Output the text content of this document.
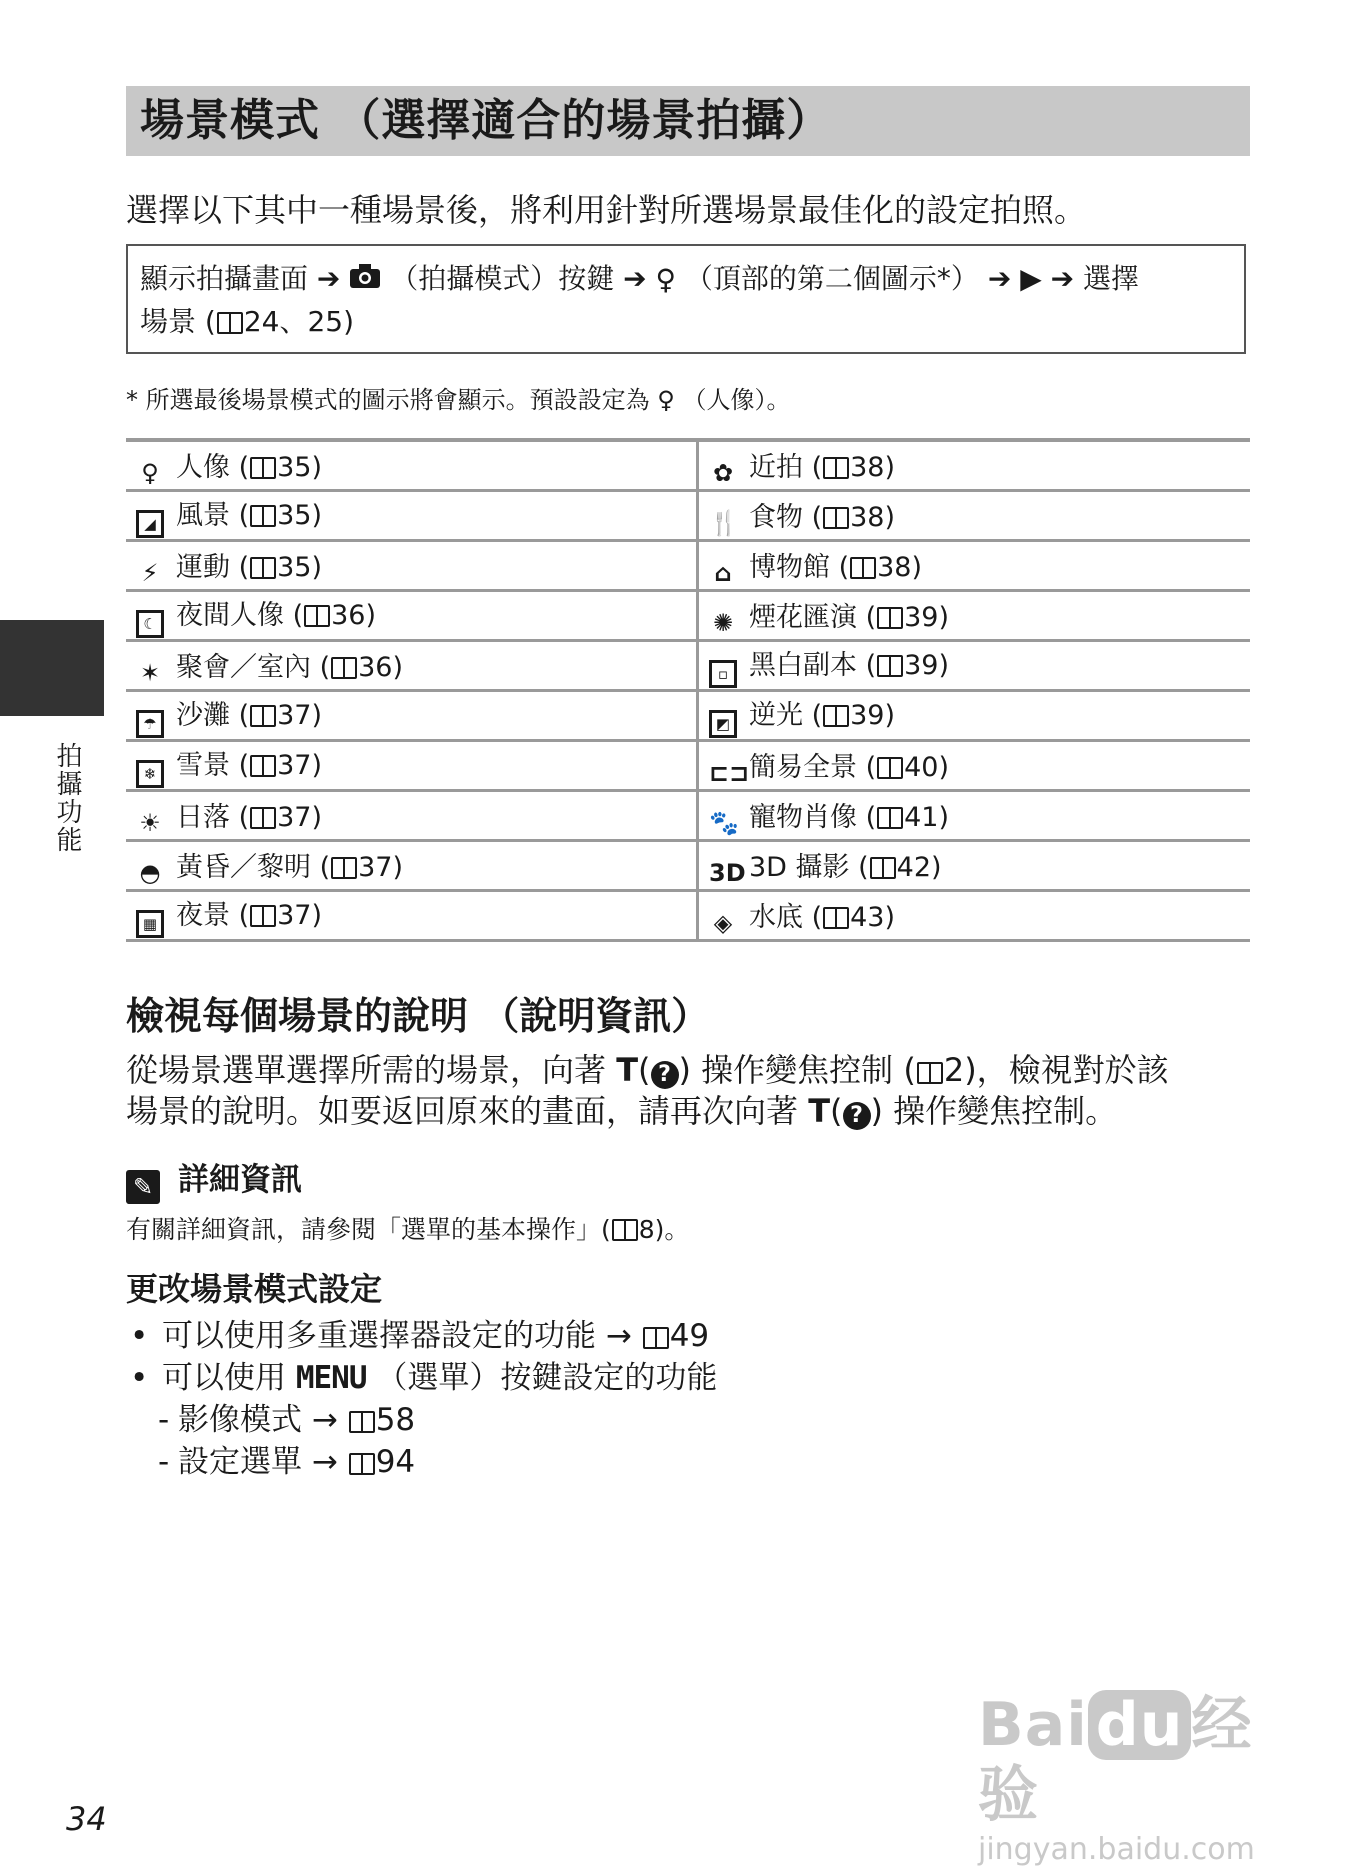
場景模式 （選擇適合的場景拍攝）
選擇以下其中一種場景後，將利用針對所選場景最佳化的設定拍照。
顯示拍攝畫面 ➔ （拍攝模式）按鍵 ➔ ♀ （頂部的第二個圖示*） ➔ ▶ ➔ 選擇
場景 ( 24、25)
* 所選最後場景模式的圖示將會顯示。預設設定為 ♀ （人像）。
♀ 人像 ( 35)	✿ 近拍 ( 38)
◢ 風景 ( 35)	🍴 食物 ( 38)
⚡ 運動 ( 35)	⌂ 博物館 ( 38)
☾ 夜間人像 ( 36)	✺ 煙花匯演 ( 39)
✶ 聚會／室內 ( 36)	▫ 黑白副本 ( 39)
☂ 沙灘 ( 37)	◩ 逆光 ( 39)
❄ 雪景 ( 37)	⊏⊐簡易全景 ( 40)
☀ 日落 ( 37)	🐾 寵物肖像 ( 41)
◓ 黃昏／黎明 ( 37)	3D 3D 攝影 ( 42)
▦ 夜景 ( 37)	◈ 水底 ( 43)
檢視每個場景的說明 （說明資訊）
從場景選單選擇所需的場景，向著 T( ? ) 操作變焦控制 ( 2)，檢視對於該
場景的說明。如要返回原來的畫面，請再次向著 T( ? ) 操作變焦控制。
✎ 詳細資訊
有關詳細資訊，請參閱「選單的基本操作」( 8)。
更改場景模式設定
• 可以使用多重選擇器設定的功能 → 49
• 可以使用 MENU （選單）按鍵設定的功能
- 影像模式 → 58
- 設定選單 → 94
拍攝功能
34
Bai du 经验
jingyan.baidu.com
